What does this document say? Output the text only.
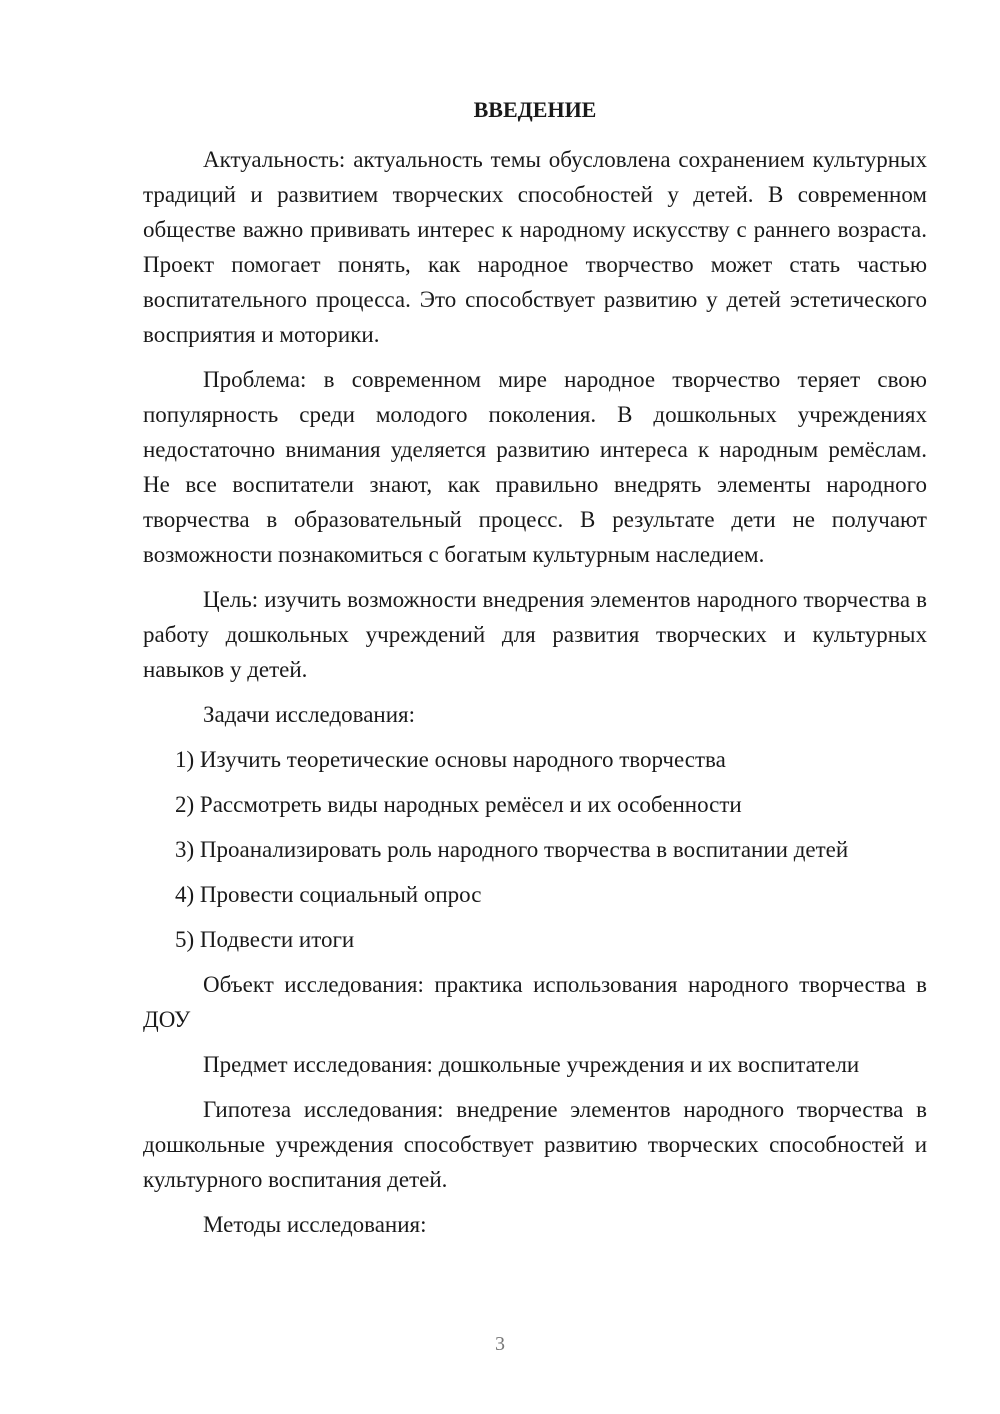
ВВЕДЕНИЕ

Актуальность: актуальность темы обусловлена сохранением культурных традиций и развитием творческих способностей у детей. В современном обществе важно прививать интерес к народному искусству с раннего возраста. Проект помогает понять, как народное творчество может стать частью воспитательного процесса. Это способствует развитию у детей эстетического восприятия и моторики.

Проблема: в современном мире народное творчество теряет свою популярность среди молодого поколения. В дошкольных учреждениях недостаточно внимания уделяется развитию интереса к народным ремёслам. Не все воспитатели знают, как правильно внедрять элементы народного творчества в образовательный процесс. В результате дети не получают возможности познакомиться с богатым культурным наследием.

Цель: изучить возможности внедрения элементов народного творчества в работу дошкольных учреждений для развития творческих и культурных навыков у детей.

Задачи исследования:

1) Изучить теоретические основы народного творчества
2) Рассмотреть виды народных ремёсел и их особенности
3) Проанализировать роль народного творчества в воспитании детей
4) Провести социальный опрос
5) Подвести итоги

Объект исследования: практика использования народного творчества в ДОУ

Предмет исследования: дошкольные учреждения и их воспитатели

Гипотеза исследования: внедрение элементов народного творчества в дошкольные учреждения способствует развитию творческих способностей и культурного воспитания детей.

Методы исследования:

3
